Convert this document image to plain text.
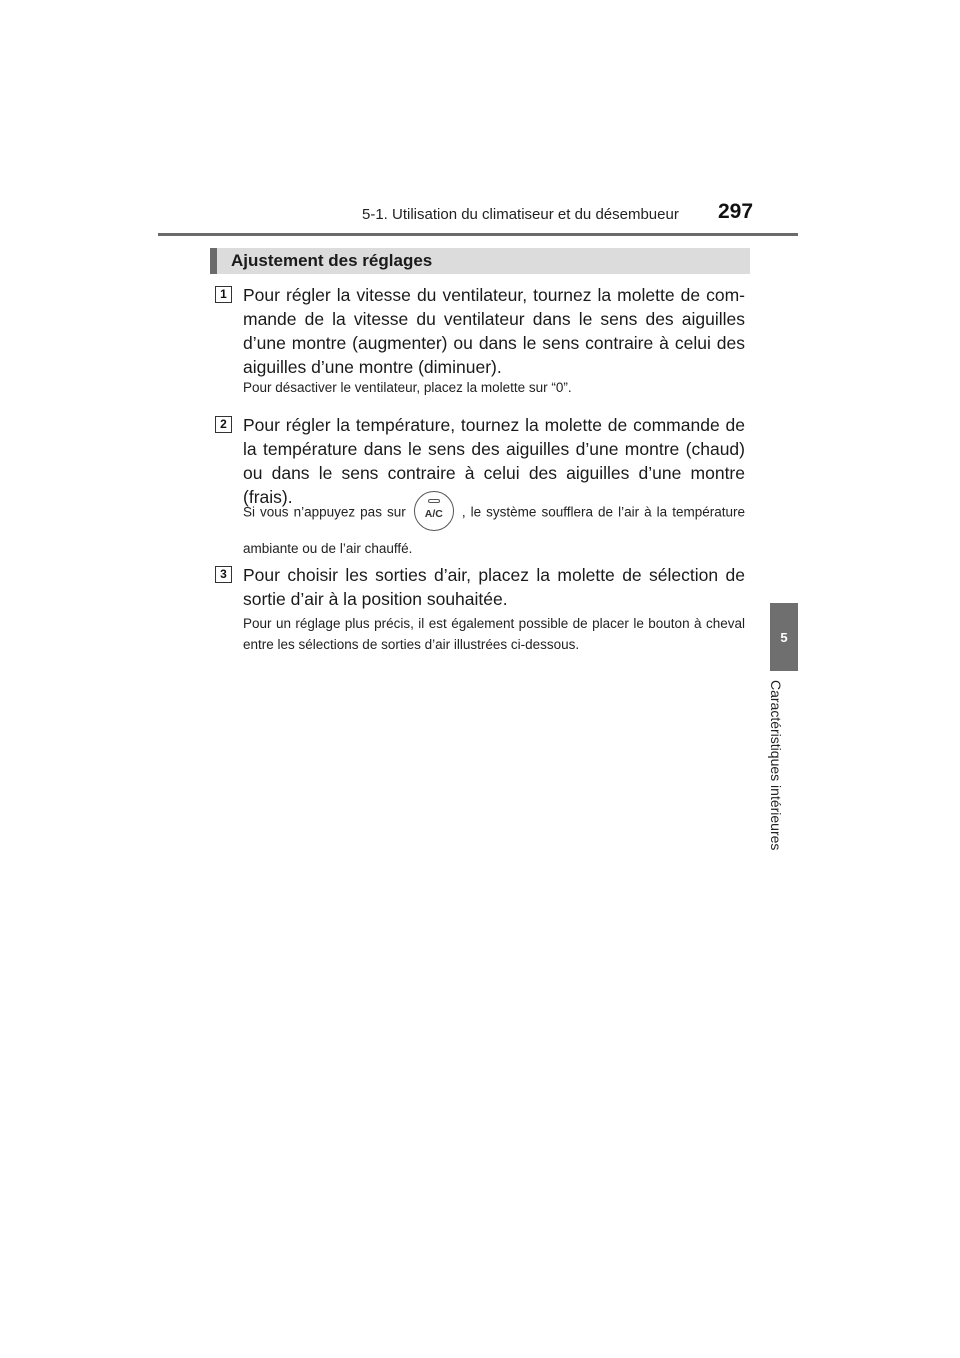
5-1. Utilisation du climatiseur et du désembueur 297
5
Caractéristiques intérieures
Ajustement des réglages
1 Pour régler la vitesse du ventilateur, tournez la molette de commande de la vitesse du ventilateur dans le sens des aiguilles d’une montre (augmenter) ou dans le sens contraire à celui des aiguilles d’une montre (diminuer).
Pour désactiver le ventilateur, placez la molette sur “0”.
2 Pour régler la température, tournez la molette de commande de la température dans le sens des aiguilles d’une montre (chaud) ou dans le sens contraire à celui des aiguilles d’une montre (frais).
Si vous n’appuyez pas sur	A/C	, le système soufflera de l’air à la température ambiante ou de l’air chauffé.
3 Pour choisir les sorties d’air, placez la molette de sélection de sortie d’air à la position souhaitée.
Pour un réglage plus précis, il est également possible de placer le bouton à cheval entre les sélections de sorties d’air illustrées ci-dessous.
